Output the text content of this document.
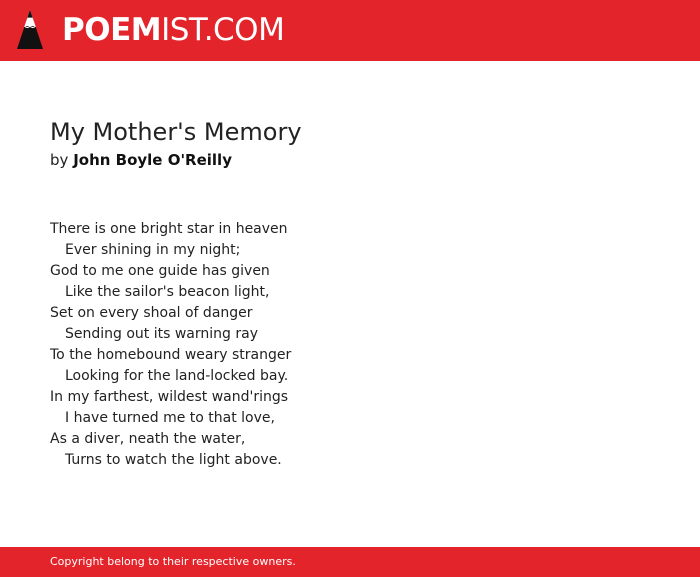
POEMIST.COM
My Mother's Memory
by John Boyle O'Reilly
There is one bright star in heaven
Ever shining in my night;
God to me one guide has given
Like the sailor's beacon light,
Set on every shoal of danger
Sending out its warning ray
To the homebound weary stranger
Looking for the land-locked bay.
In my farthest, wildest wand'rings
I have turned me to that love,
As a diver, neath the water,
Turns to watch the light above.
Copyright belong to their respective owners.
